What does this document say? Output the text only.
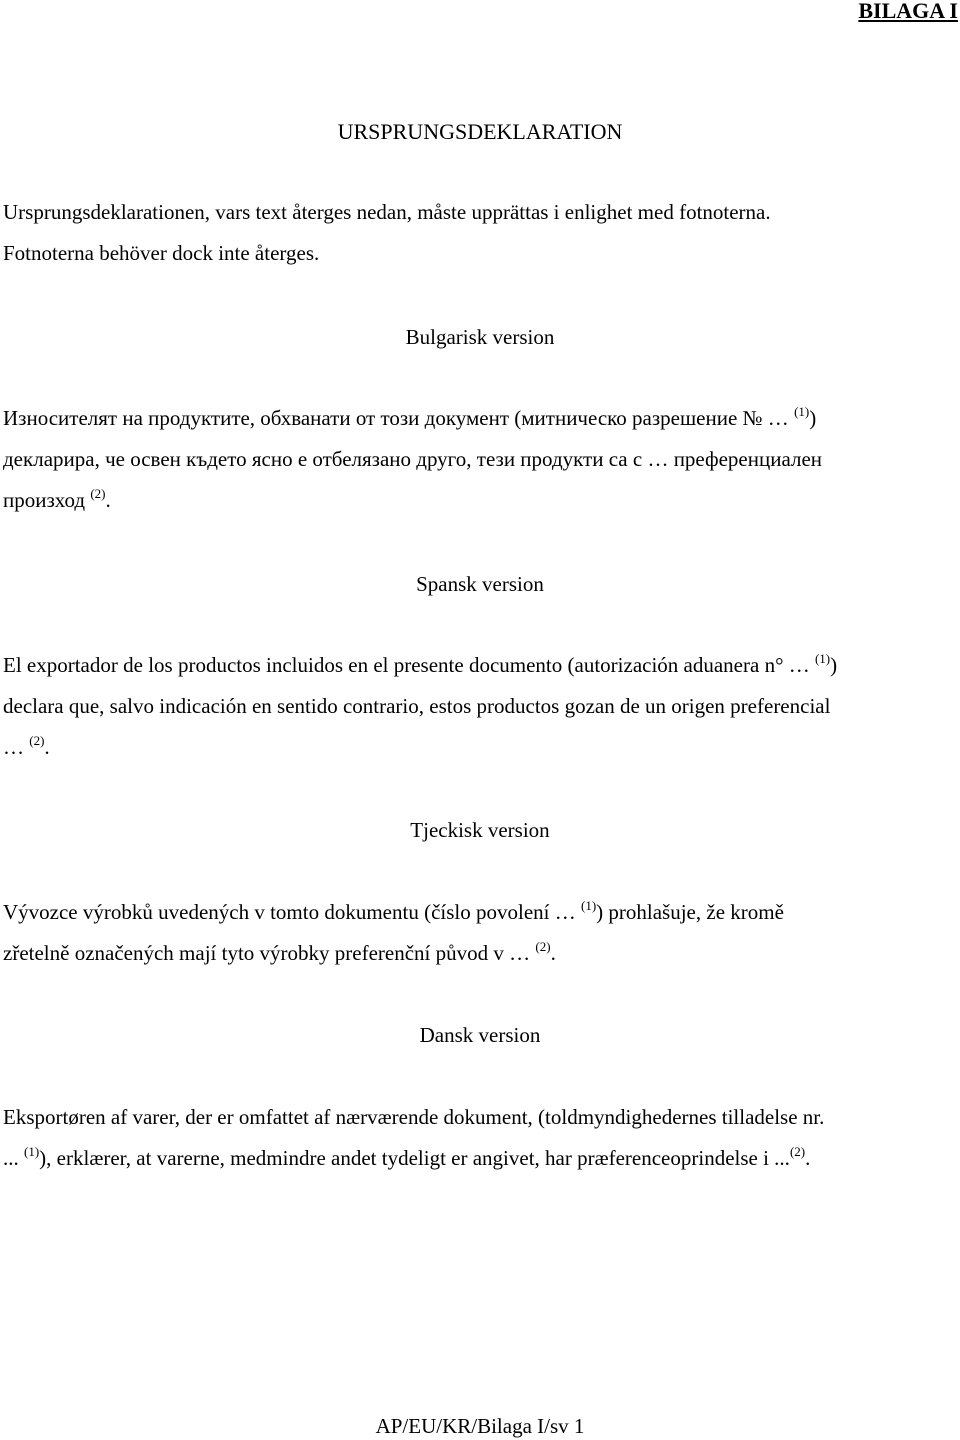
BILAGA I
URSPRUNGSDEKLARATION
Ursprungsdeklarationen, vars text återges nedan, måste upprättas i enlighet med fotnoterna.
Fotnoterna behöver dock inte återges.
Bulgarisk version
Износителят на продуктите, обхванати от този документ (митническо разрешение № … $^{(1)}$)
декларира, че освен където ясно е отбелязано друго, тези продукти са с … преференциален
произход $^{(2)}$.
Spansk version
El exportador de los productos incluidos en el presente documento (autorización aduanera n° … $^{(1)}$)
declara que, salvo indicación en sentido contrario, estos productos gozan de un origen preferencial
… $^{(2)}$.
Tjeckisk version
Vývozce výrobků uvedených v tomto dokumentu (číslo povolení … $^{(1)}$) prohlašuje, že kromě
zřetelně označených mají tyto výrobky preferenční původ v … $^{(2)}$.
Dansk version
Eksportøren af varer, der er omfattet af nærværende dokument, (toldmyndighedernes tilladelse nr.
... $^{(1)}$), erklærer, at varerne, medmindre andet tydeligt er angivet, har præferenceoprindelse i ...$^{(2)}$.
AP/EU/KR/Bilaga I/sv 1
